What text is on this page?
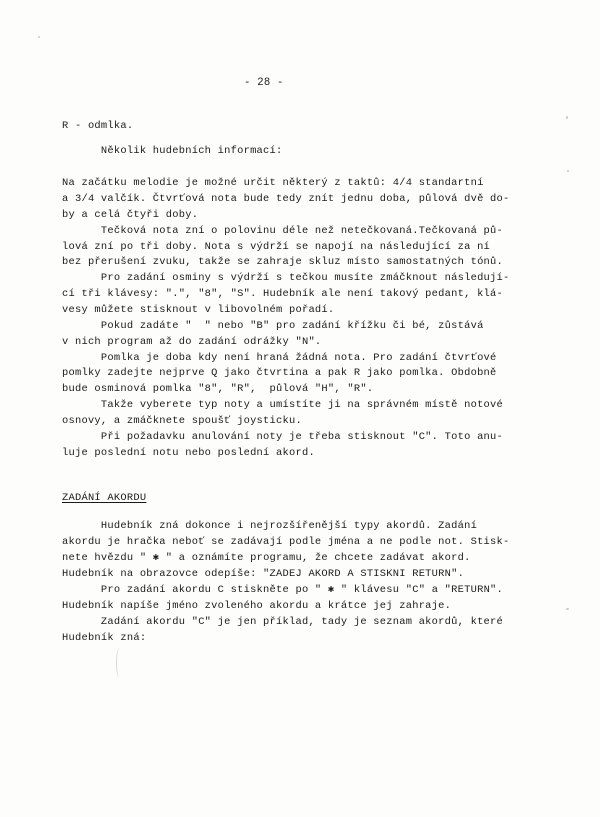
- 28 -
R - odmlka.
Několik hudebních informací:
Na začátku melodie je možné určit některý z taktů: 4/4 standartní
a 3/4 valčík. Čtvrťová nota bude tedy znít jednu doba, půlová dvě do-
by a celá čtyři doby.
Tečková nota zní o polovinu déle než netečkovaná.Tečkovaná pů-
lová zní po tři doby. Nota s výdrží se napojí na následující za ní
bez přerušení zvuku, takže se zahraje skluz místo samostatných tónů.
Pro zadání osminy s výdrží s tečkou musíte zmáčknout následují-
cí tři klávesy: ".", "8", "S". Hudebník ale není takový pedant, klá-
vesy můžete stisknout v libovolném pořadí.
Pokud zadáte "  " nebo "B" pro zadání křížku či bé, zůstává
v nich program až do zadání odrážky "N".
Pomlka je doba kdy není hraná žádná nota. Pro zadání čtvrťové
pomlky zadejte nejprve Q jako čtvrtina a pak R jako pomlka. Obdobně
bude osminová pomlka "8", "R",  půlová "H", "R".
Takže vyberete typ noty a umístíte ji na správném místě notové
osnovy, a zmáčknete spoušť joysticku.
Při požadavku anulování noty je třeba stisknout "C". Toto anu-
luje poslední notu nebo poslední akord.
ZADÁNÍ AKORDU
Hudebník zná dokonce i nejrozšířenější typy akordů. Zadání
akordu je hračka neboť se zadávají podle jména a ne podle not. Stisk-
nete hvězdu " ✱ " a oznámíte programu, že chcete zadávat akord.
Hudebník na obrazovce odepíše: "ZADEJ AKORD A STISKNI RETURN".
Pro zadání akordu C stiskněte po " ✱ " klávesu "C" a "RETURN".
Hudebník napíše jméno zvoleného akordu a krátce jej zahraje.
Zadání akordu "C" je jen příklad, tady je seznam akordů, které
Hudebník zná:
